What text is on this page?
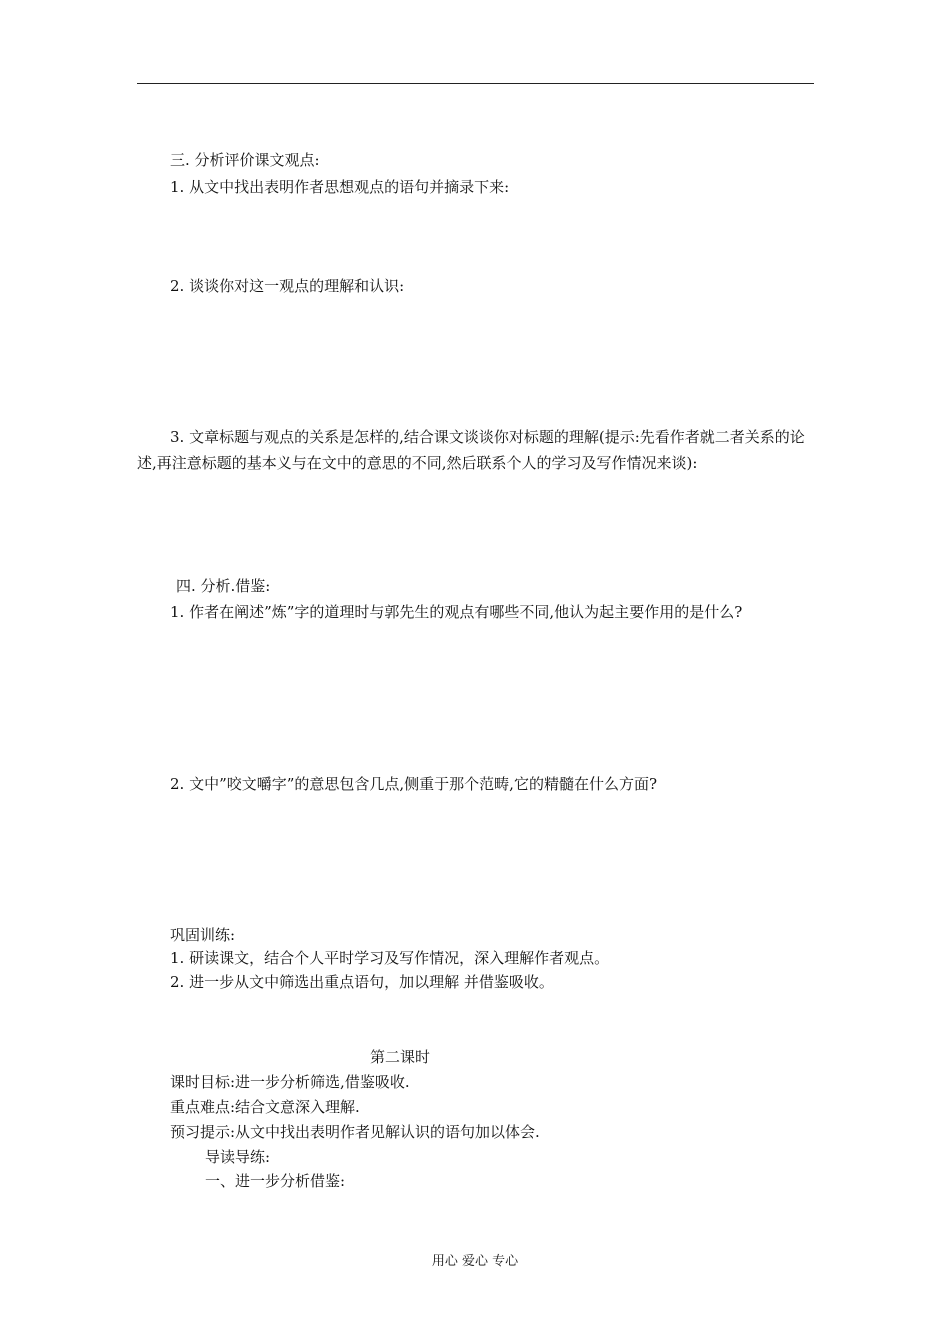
三. 分析评价课文观点:
1. 从文中找出表明作者思想观点的语句并摘录下来:
2. 谈谈你对这一观点的理解和认识:
3. 文章标题与观点的关系是怎样的,结合课文谈谈你对标题的理解(提示:先看作者就二者关系的论述,再注意标题的基本义与在文中的意思的不同,然后联系个人的学习及写作情况来谈):
四. 分析.借鉴:
1. 作者在阐述”炼”字的道理时与郭先生的观点有哪些不同,他认为起主要作用的是什么?
2. 文中”咬文嚼字”的意思包含几点,侧重于那个范畴,它的精髓在什么方面?
巩固训练:
1. 研读课文，结合个人平时学习及写作情况，深入理解作者观点。
2. 进一步从文中筛选出重点语句，加以理解 并借鉴吸收。
第二课时
课时目标:进一步分析筛选,借鉴吸收.
重点难点:结合文意深入理解.
预习提示:从文中找出表明作者见解认识的语句加以体会.
导读导练:
一、进一步分析借鉴:
用心 爱心 专心
